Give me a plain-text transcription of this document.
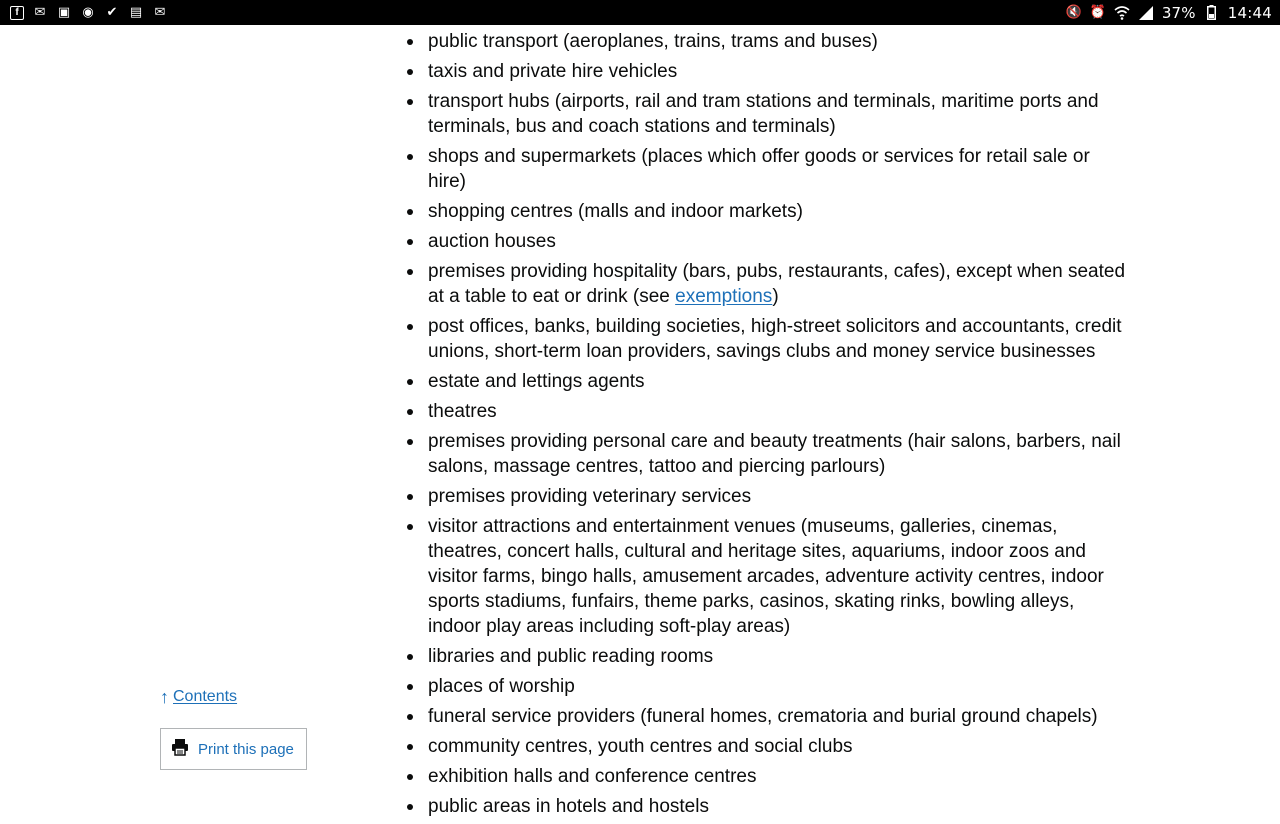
f	✉ ▣ ◉ ✔ ▤ ✉	🔇 ⏰	37% 14:44
↑ Contents
Print this page
public transport (aeroplanes, trains, trams and buses)
taxis and private hire vehicles
transport hubs (airports, rail and tram stations and terminals, maritime ports and terminals, bus and coach stations and terminals)
shops and supermarkets (places which offer goods or services for retail sale or hire)
shopping centres (malls and indoor markets)
auction houses
premises providing hospitality (bars, pubs, restaurants, cafes), except when seated at a table to eat or drink (see exemptions)
post offices, banks, building societies, high-street solicitors and accountants, credit unions, short-term loan providers, savings clubs and money service businesses
estate and lettings agents
theatres
premises providing personal care and beauty treatments (hair salons, barbers, nail salons, massage centres, tattoo and piercing parlours)
premises providing veterinary services
visitor attractions and entertainment venues (museums, galleries, cinemas, theatres, concert halls, cultural and heritage sites, aquariums, indoor zoos and visitor farms, bingo halls, amusement arcades, adventure activity centres, indoor sports stadiums, funfairs, theme parks, casinos, skating rinks, bowling alleys, indoor play areas including soft-play areas)
libraries and public reading rooms
places of worship
funeral service providers (funeral homes, crematoria and burial ground chapels)
community centres, youth centres and social clubs
exhibition halls and conference centres
public areas in hotels and hostels
